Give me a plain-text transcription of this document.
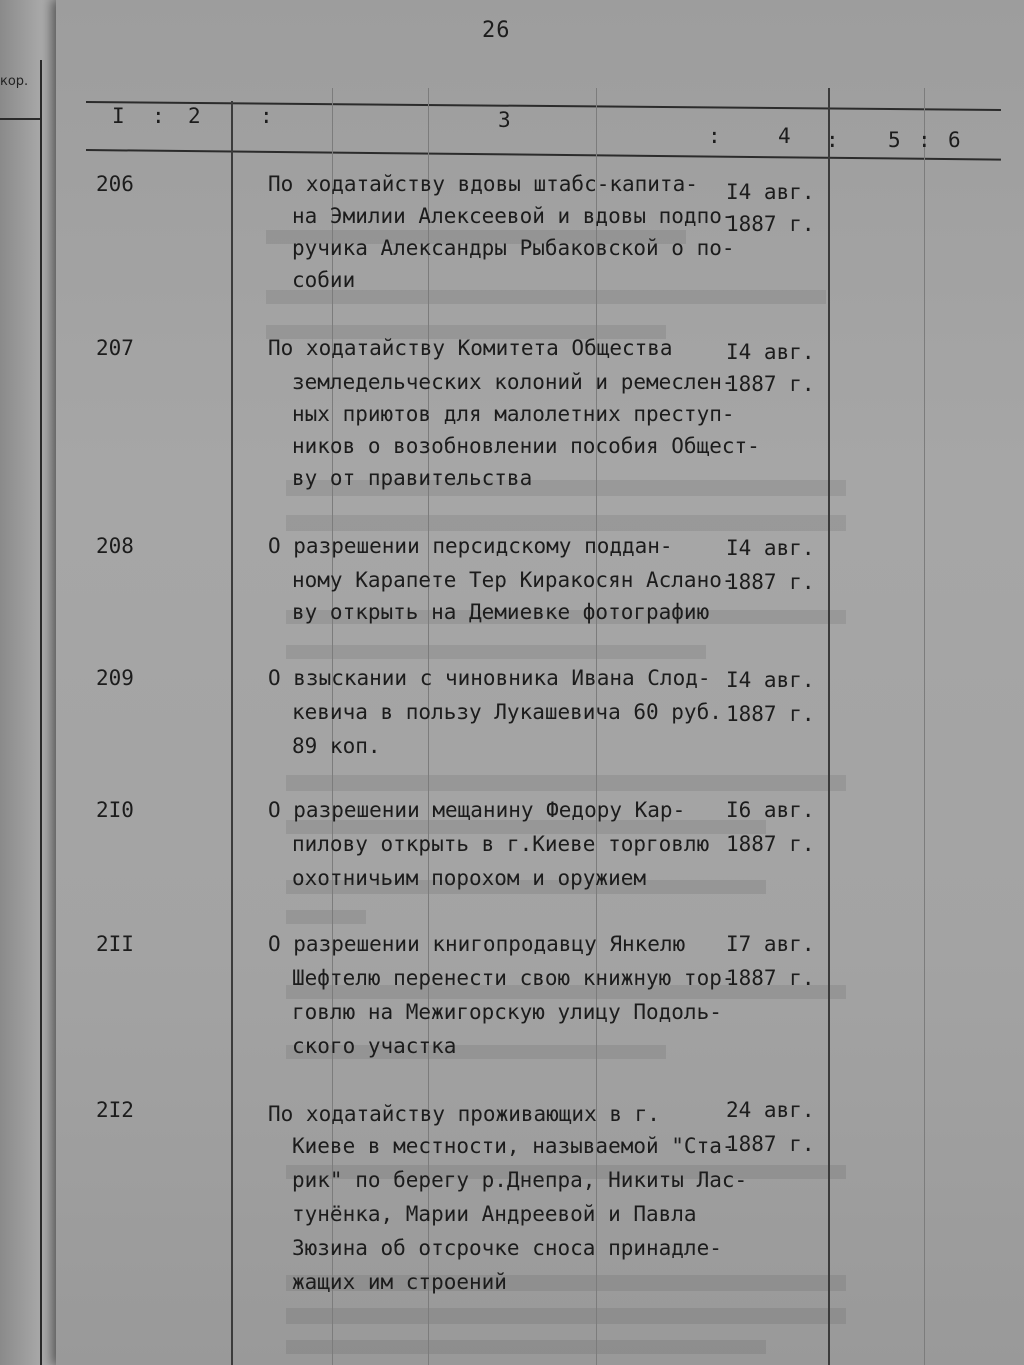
кор.

26
I : 2	:	3
:	4 : 5 : 6
206	По ходатайству вдовы штабс-капита-
на Эмилии Алексеевой и вдовы подпо-
ручика Александры Рыбаковской о по-
собии
I4 авг.
1887 г.
207	По ходатайству Комитета Общества
земледельческих колоний и ремеслен-
ных приютов для малолетних преступ-
ников о возобновлении пособия Общест-
ву от правительства
I4 авг.
1887 г.
208	О разрешении персидскому поддан-
ному Карапете Тер Киракосян Аслано-
ву открыть на Демиевке фотографию
I4 авг.
1887 г.
209	О взыскании с чиновника Ивана Слод-
кевича в пользу Лукашевича 60 руб.
89 коп.
I4 авг.
1887 г.
2I0	О разрешении мещанину Федору Кар-
пилову открыть в г.Киеве торговлю
охотничьим порохом и оружием
I6 авг.
1887 г.
2II	О разрешении книгопродавцу Янкелю
Шефтелю перенести свою книжную тор-
говлю на Межигорскую улицу Подоль-
ского участка
I7 авг.
1887 г.
2I2	По ходатайству проживающих в г.
Киеве в местности, называемой "Ста-
рик" по берегу р.Днепра, Никиты Лас-
тунёнка, Марии Андреевой и Павла
Зюзина об отсрочке сноса принадле-
жащих им строений
24 авг.
1887 г.
